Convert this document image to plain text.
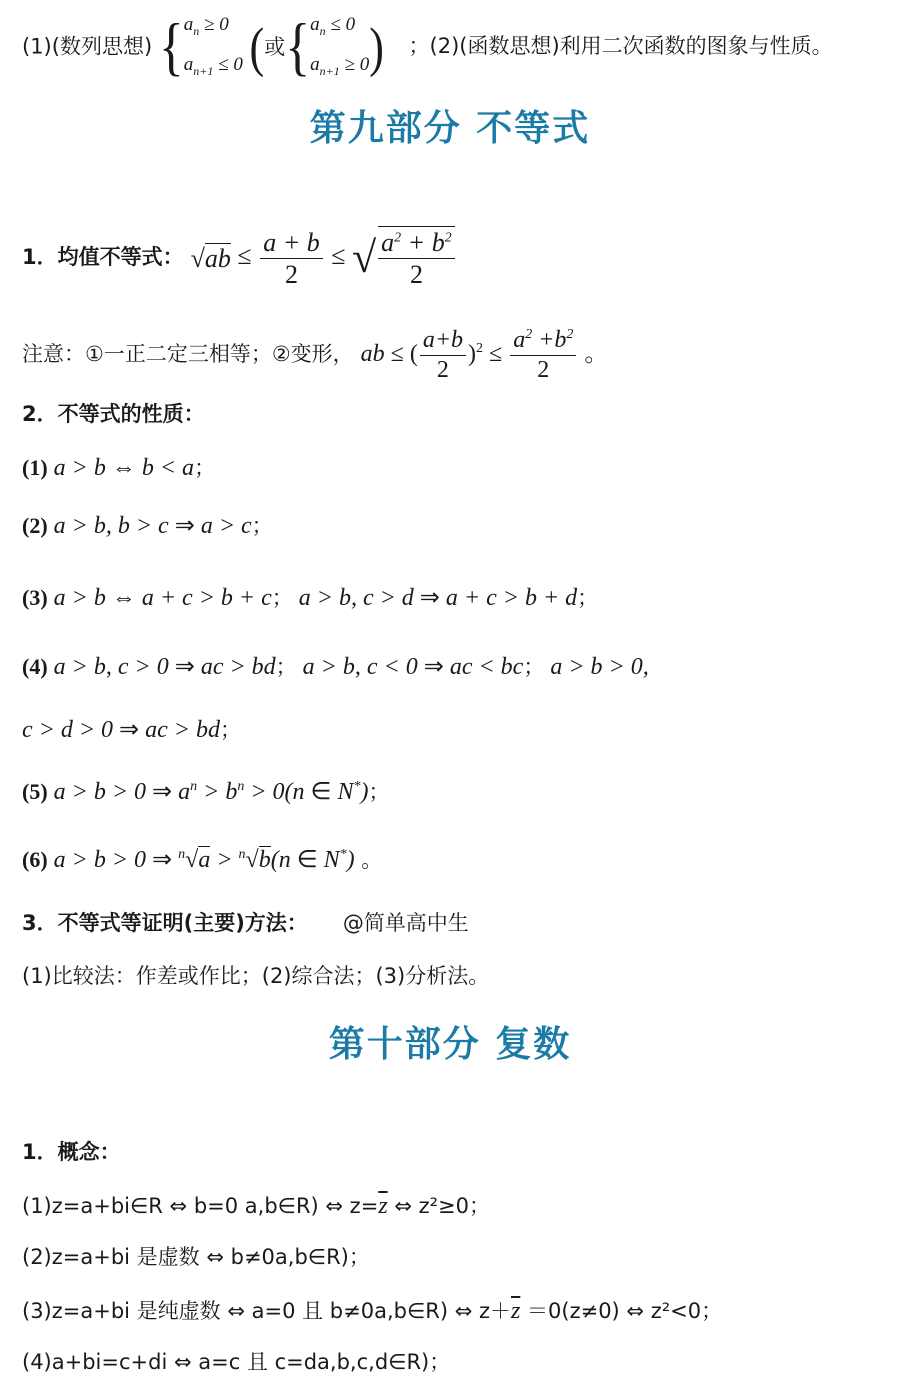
(1)(数列思想) { $a_n \ge 0$
$a_{n+1} \le 0$
( 或 { $a_n \le 0$
$a_{n+1} \ge 0$ ) ；(2)(函数思想)利用二次函数的图象与性质。
第九部分 不等式
1．均值不等式： $√ab \le \frac{a + b}{2}$ ≤ √ $\frac{a^2 + b^2}{2}$
注意：①一正二定三相等；②变形， ab ≤ ( $\frac{a+b}{2} )^2 \le \frac{a^2 +b^2}{2}$ 。
2．不等式的性质：
(1) a > b ⇔ b < a；
(2) a > b, b > c ⇒ a > c；
(3) a > b ⇔ a + c > b + c； a > b, c > d ⇒ a + c > b + d；
(4) a > b, c > 0 ⇒ ac > bd； a > b, c < 0 ⇒ ac < bc； a > b > 0,
c > d > 0 ⇒ ac > bd；
(5) a > b > 0 ⇒ $a^n > b^n > 0(n$ ∈ N*)；
(6) a > b > 0 ⇒ $^n$√a > $^n$√b(n ∈ N*) 。
3．不等式等证明(主要)方法： @简单高中生
(1)比较法：作差或作比；(2)综合法；(3)分析法。
第十部分 复数
1．概念：
(1)z=a+bi∈R ⇔ b=0 a,b∈R) ⇔ $z=\overline{z}$ ⇔ z²≥0；
(2)z=a+bi 是虚数 ⇔ b≠0a,b∈R)；
(3)z=a+bi 是纯虚数 ⇔ a=0 且 b≠0a,b∈R) ⇔ $z+\overline{z} =0(z\ne 0)$ ⇔ z²<0；
(4)a+bi=c+di ⇔ a=c 且 c=da,b,c,d∈R)；
